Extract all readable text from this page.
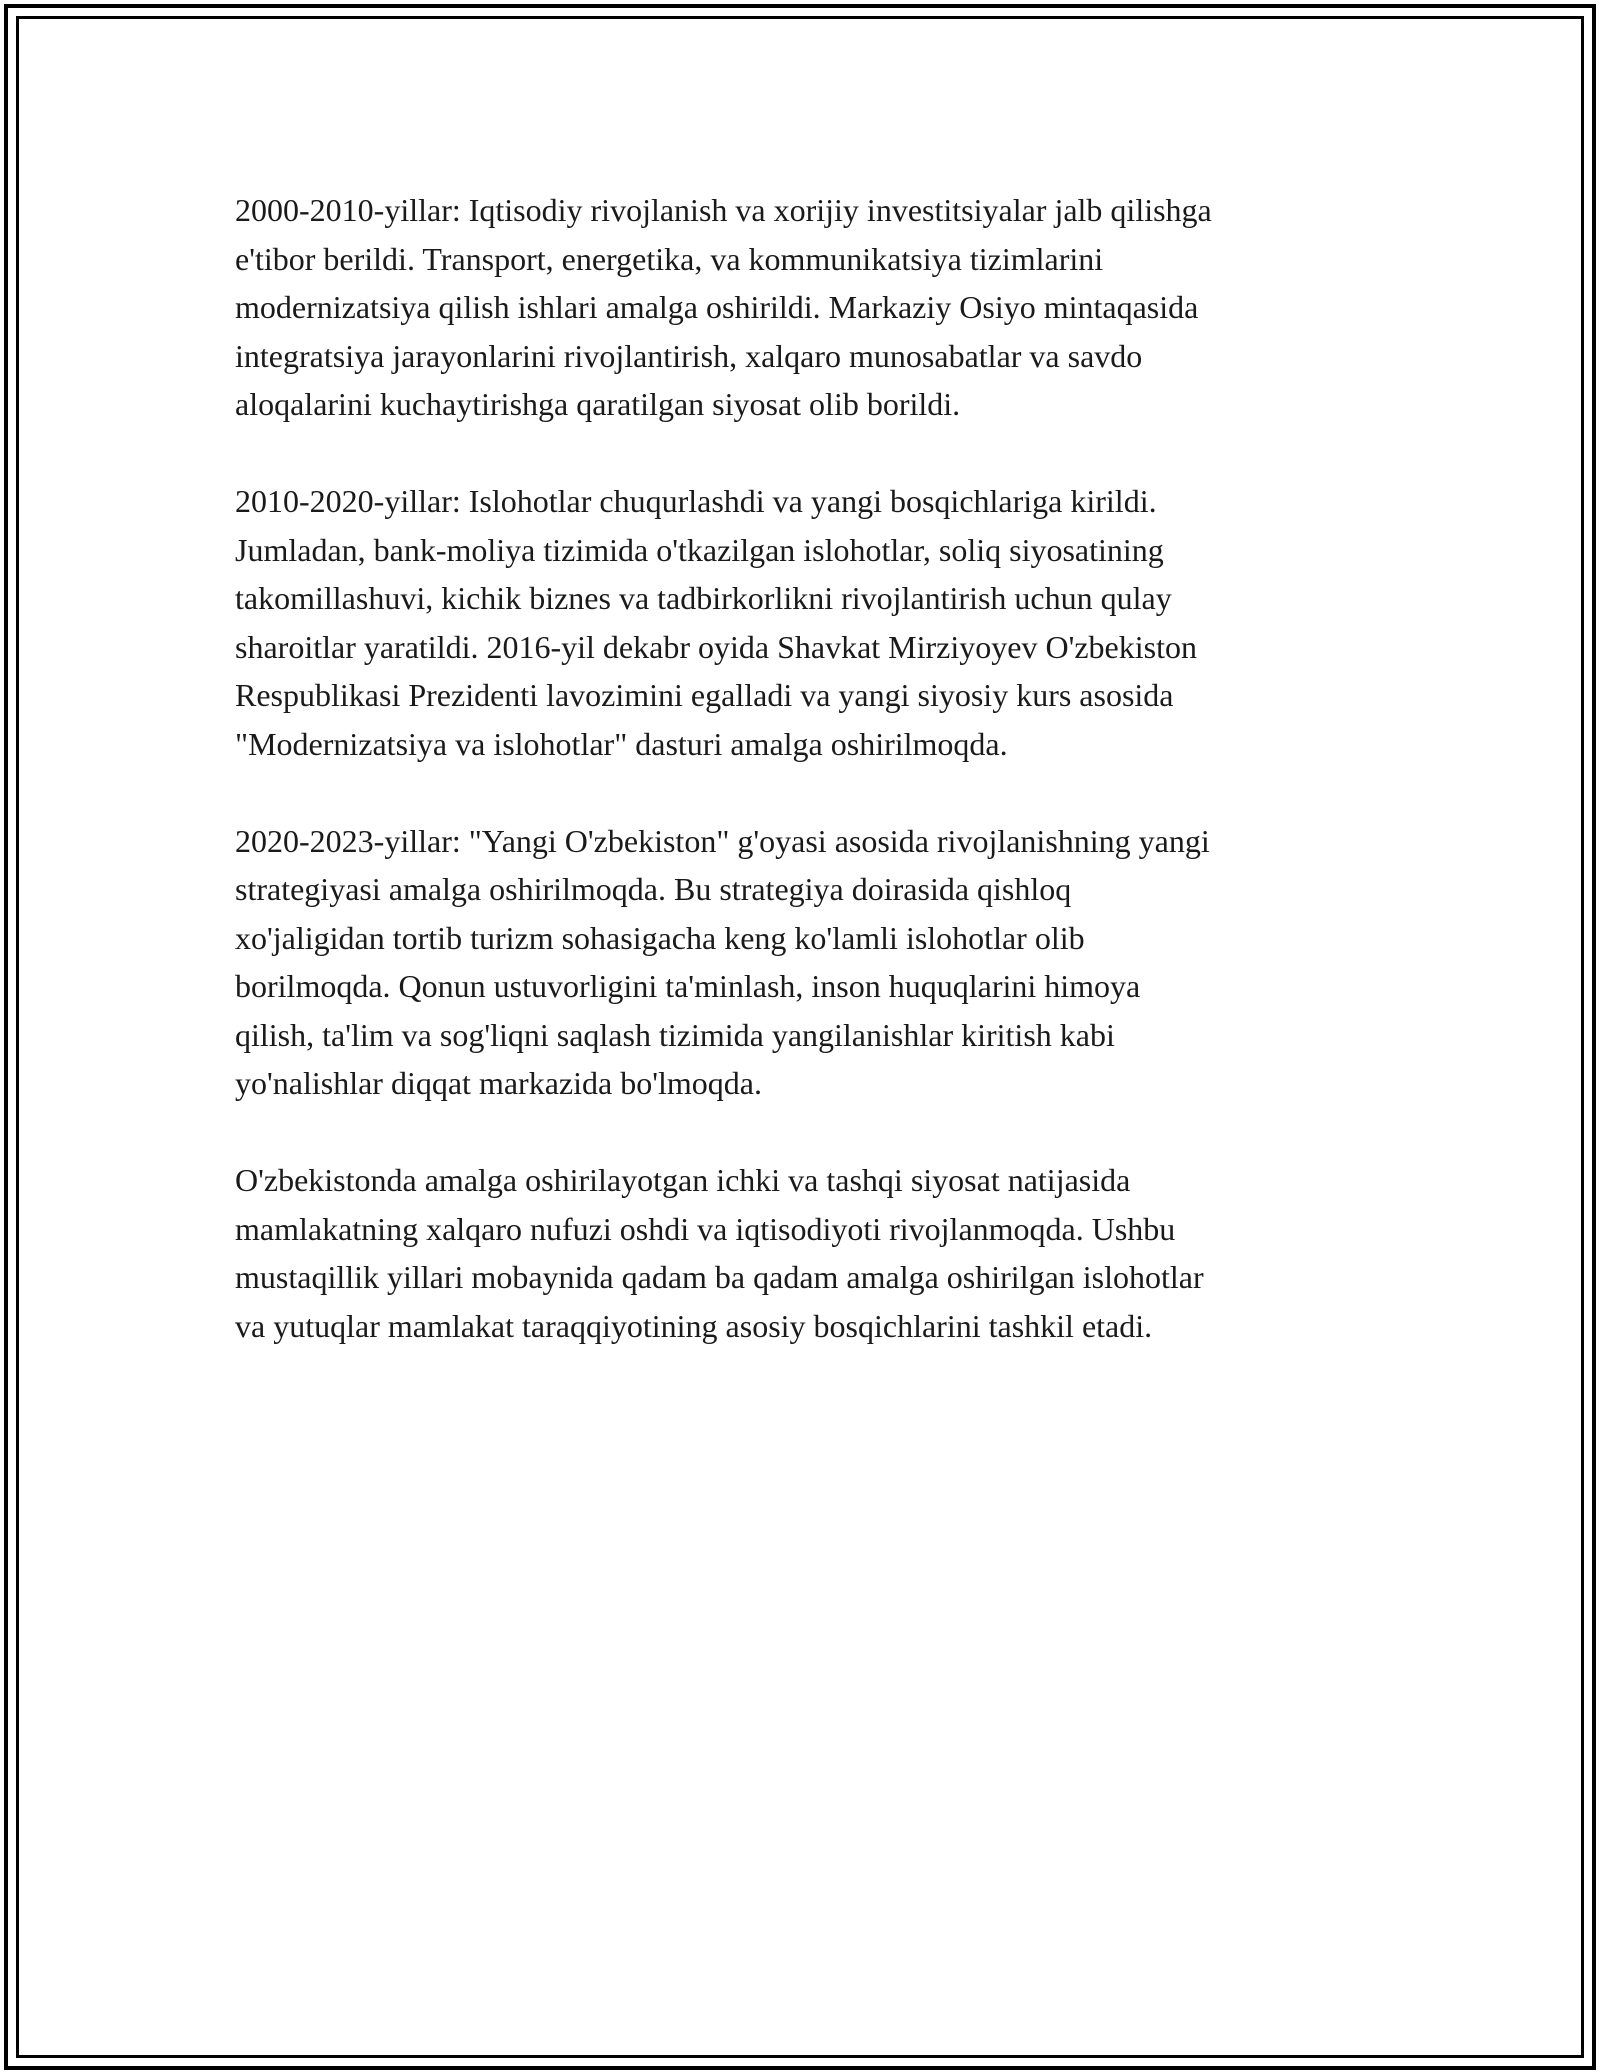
2000-2010-yillar: Iqtisodiy rivojlanish va xorijiy investitsiyalar jalb qilishga
e'tibor berildi. Transport, energetika, va kommunikatsiya tizimlarini
modernizatsiya qilish ishlari amalga oshirildi. Markaziy Osiyo mintaqasida
integratsiya jarayonlarini rivojlantirish, xalqaro munosabatlar va savdo
aloqalarini kuchaytirishga qaratilgan siyosat olib borildi.

2010-2020-yillar: Islohotlar chuqurlashdi va yangi bosqichlariga kirildi.
Jumladan, bank-moliya tizimida o'tkazilgan islohotlar, soliq siyosatining
takomillashuvi, kichik biznes va tadbirkorlikni rivojlantirish uchun qulay
sharoitlar yaratildi. 2016-yil dekabr oyida Shavkat Mirziyoyev O'zbekiston
Respublikasi Prezidenti lavozimini egalladi va yangi siyosiy kurs asosida
"Modernizatsiya va islohotlar" dasturi amalga oshirilmoqda.

2020-2023-yillar: "Yangi O'zbekiston" g'oyasi asosida rivojlanishning yangi
strategiyasi amalga oshirilmoqda. Bu strategiya doirasida qishloq
xo'jaligidan tortib turizm sohasigacha keng ko'lamli islohotlar olib
borilmoqda. Qonun ustuvorligini ta'minlash, inson huquqlarini himoya
qilish, ta'lim va sog'liqni saqlash tizimida yangilanishlar kiritish kabi
yo'nalishlar diqqat markazida bo'lmoqda.

O'zbekistonda amalga oshirilayotgan ichki va tashqi siyosat natijasida
mamlakatning xalqaro nufuzi oshdi va iqtisodiyoti rivojlanmoqda. Ushbu
mustaqillik yillari mobaynida qadam ba qadam amalga oshirilgan islohotlar
va yutuqlar mamlakat taraqqiyotining asosiy bosqichlarini tashkil etadi.
